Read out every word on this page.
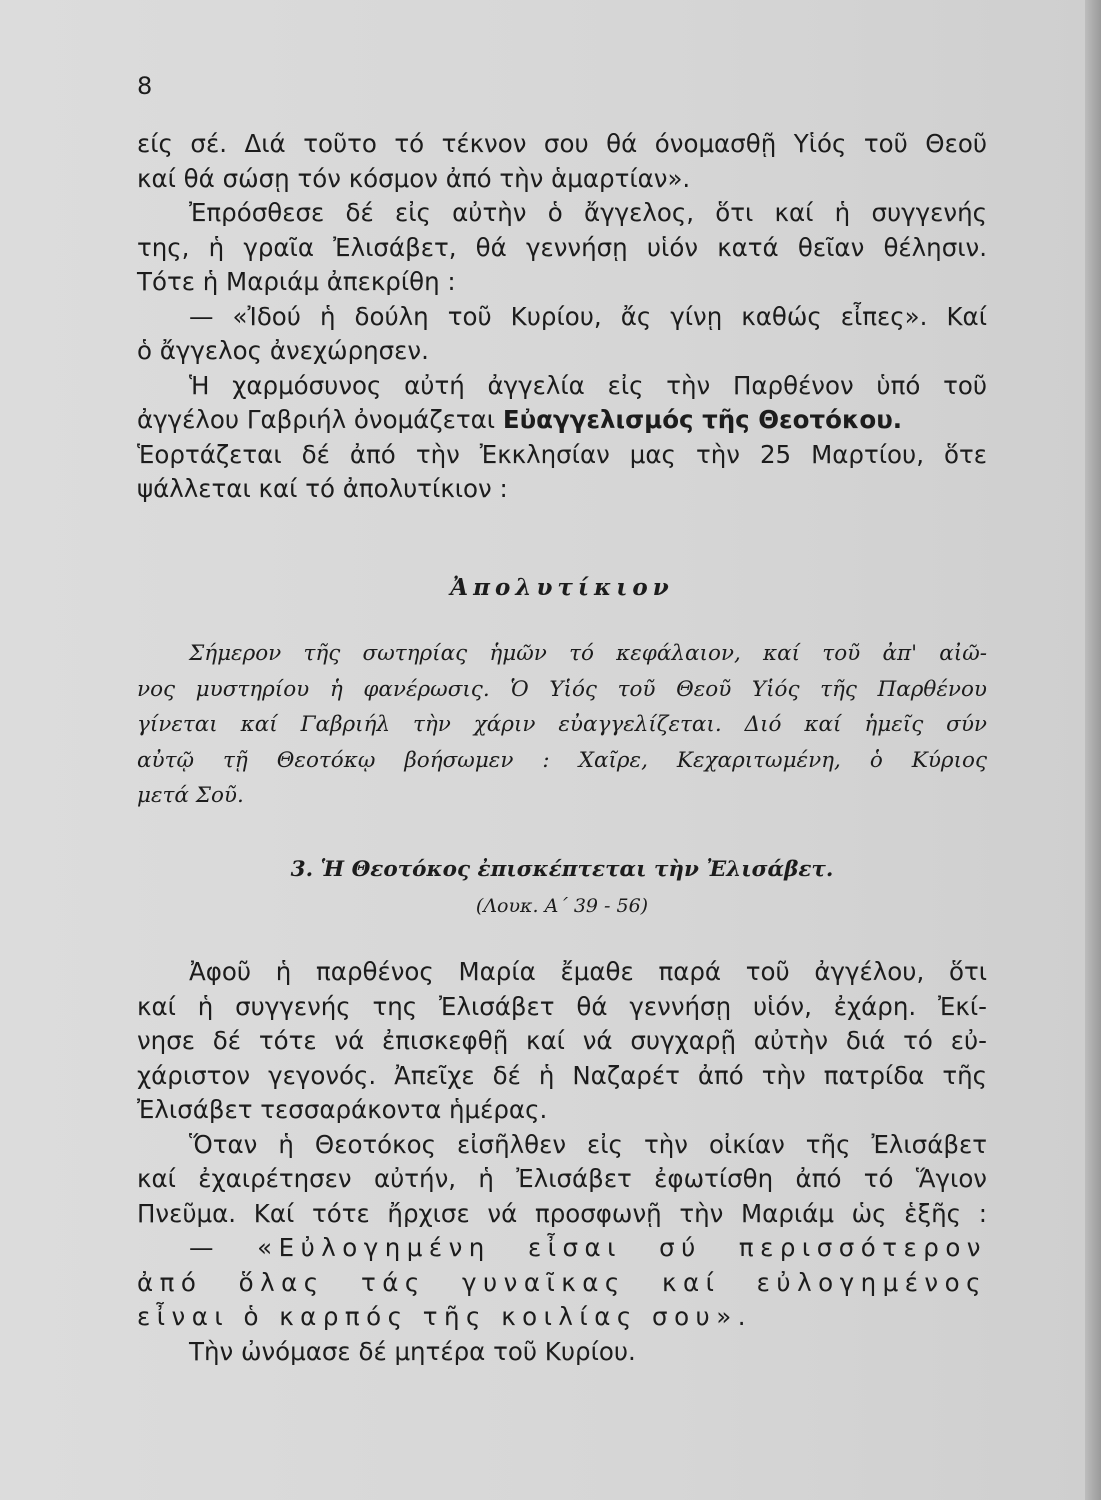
8
είς σέ. Διά τοῦτο τό τέκνον σου θά όνομασθῇ Υἱός τοῦ Θεοῦ
καί θά σώσῃ τόν κόσμον ἀπό τὴν ἁμαρτίαν».
Ἐπρόσθεσε δέ εἰς αὐτὴν ὁ ἄγγελος, ὅτι καί ἡ συγγενής
της, ἡ γραῖα Ἐλισάβετ, θά γεννήσῃ υἱόν κατά θεῖαν θέλησιν.
Τότε ἡ Μαριάμ ἀπεκρίθη :
— «Ἰδού ἡ δούλη τοῦ Κυρίου, ἄς γίνῃ καθώς εἶπες». Καί
ὁ ἄγγελος ἀνεχώρησεν.
Ἡ χαρμόσυνος αὐτή ἀγγελία εἰς τὴν Παρθένον ὑπό τοῦ
ἀγγέλου Γαβριήλ ὀνομάζεται Εὐαγγελισμός τῆς Θεοτόκου.
Ἑορτάζεται δέ ἀπό τὴν Ἐκκλησίαν μας τὴν 25 Μαρτίου, ὅτε
ψάλλεται καί τό ἀπολυτίκιον :
Ἀπολυτίκιον
Σήμερον τῆς σωτηρίας ἡμῶν τό κεφάλαιον, καί τοῦ ἀπ' αἰῶ-
νος μυστηρίου ἡ φανέρωσις. Ὁ Υἱός τοῦ Θεοῦ Υἱός τῆς Παρθένου
γίνεται καί Γαβριήλ τὴν χάριν εὐαγγελίζεται. Διό καί ἡμεῖς σύν
αὐτῷ τῇ Θεοτόκῳ βοήσωμεν : Χαῖρε, Κεχαριτωμένη, ὁ Κύριος
μετά Σοῦ.
3. Ἡ Θεοτόκος ἐπισκέπτεται τὴν Ἐλισάβετ.
(Λουκ. Α΄ 39 - 56)
Ἀφοῦ ἡ παρθένος Μαρία ἔμαθε παρά τοῦ ἀγγέλου, ὅτι
καί ἡ συγγενής της Ἐλισάβετ θά γεννήσῃ υἱόν, ἐχάρη. Ἐκί-
νησε δέ τότε νά ἐπισκεφθῇ καί νά συγχαρῇ αὐτὴν διά τό εὐ-
χάριστον γεγονός. Ἀπεῖχε δέ ἡ Ναζαρέτ ἀπό τὴν πατρίδα τῆς
Ἐλισάβετ τεσσαράκοντα ἡμέρας.
Ὅταν ἡ Θεοτόκος εἰσῆλθεν εἰς τὴν οἰκίαν τῆς Ἐλισάβετ
καί ἐχαιρέτησεν αὐτήν, ἡ Ἐλισάβετ ἐφωτίσθη ἀπό τό Ἅγιον
Πνεῦμα. Καί τότε ἤρχισε νά προσφωνῇ τὴν Μαριάμ ὡς ἑξῆς :
— «Εὐλογημένη εἶσαι σύ περισσότερον
ἀπό ὅλας τάς γυναῖκας καί εὐλογημένος
εἶναι ὁ καρπός τῆς κοιλίας σου».
Τὴν ὠνόμασε δέ μητέρα τοῦ Κυρίου.
